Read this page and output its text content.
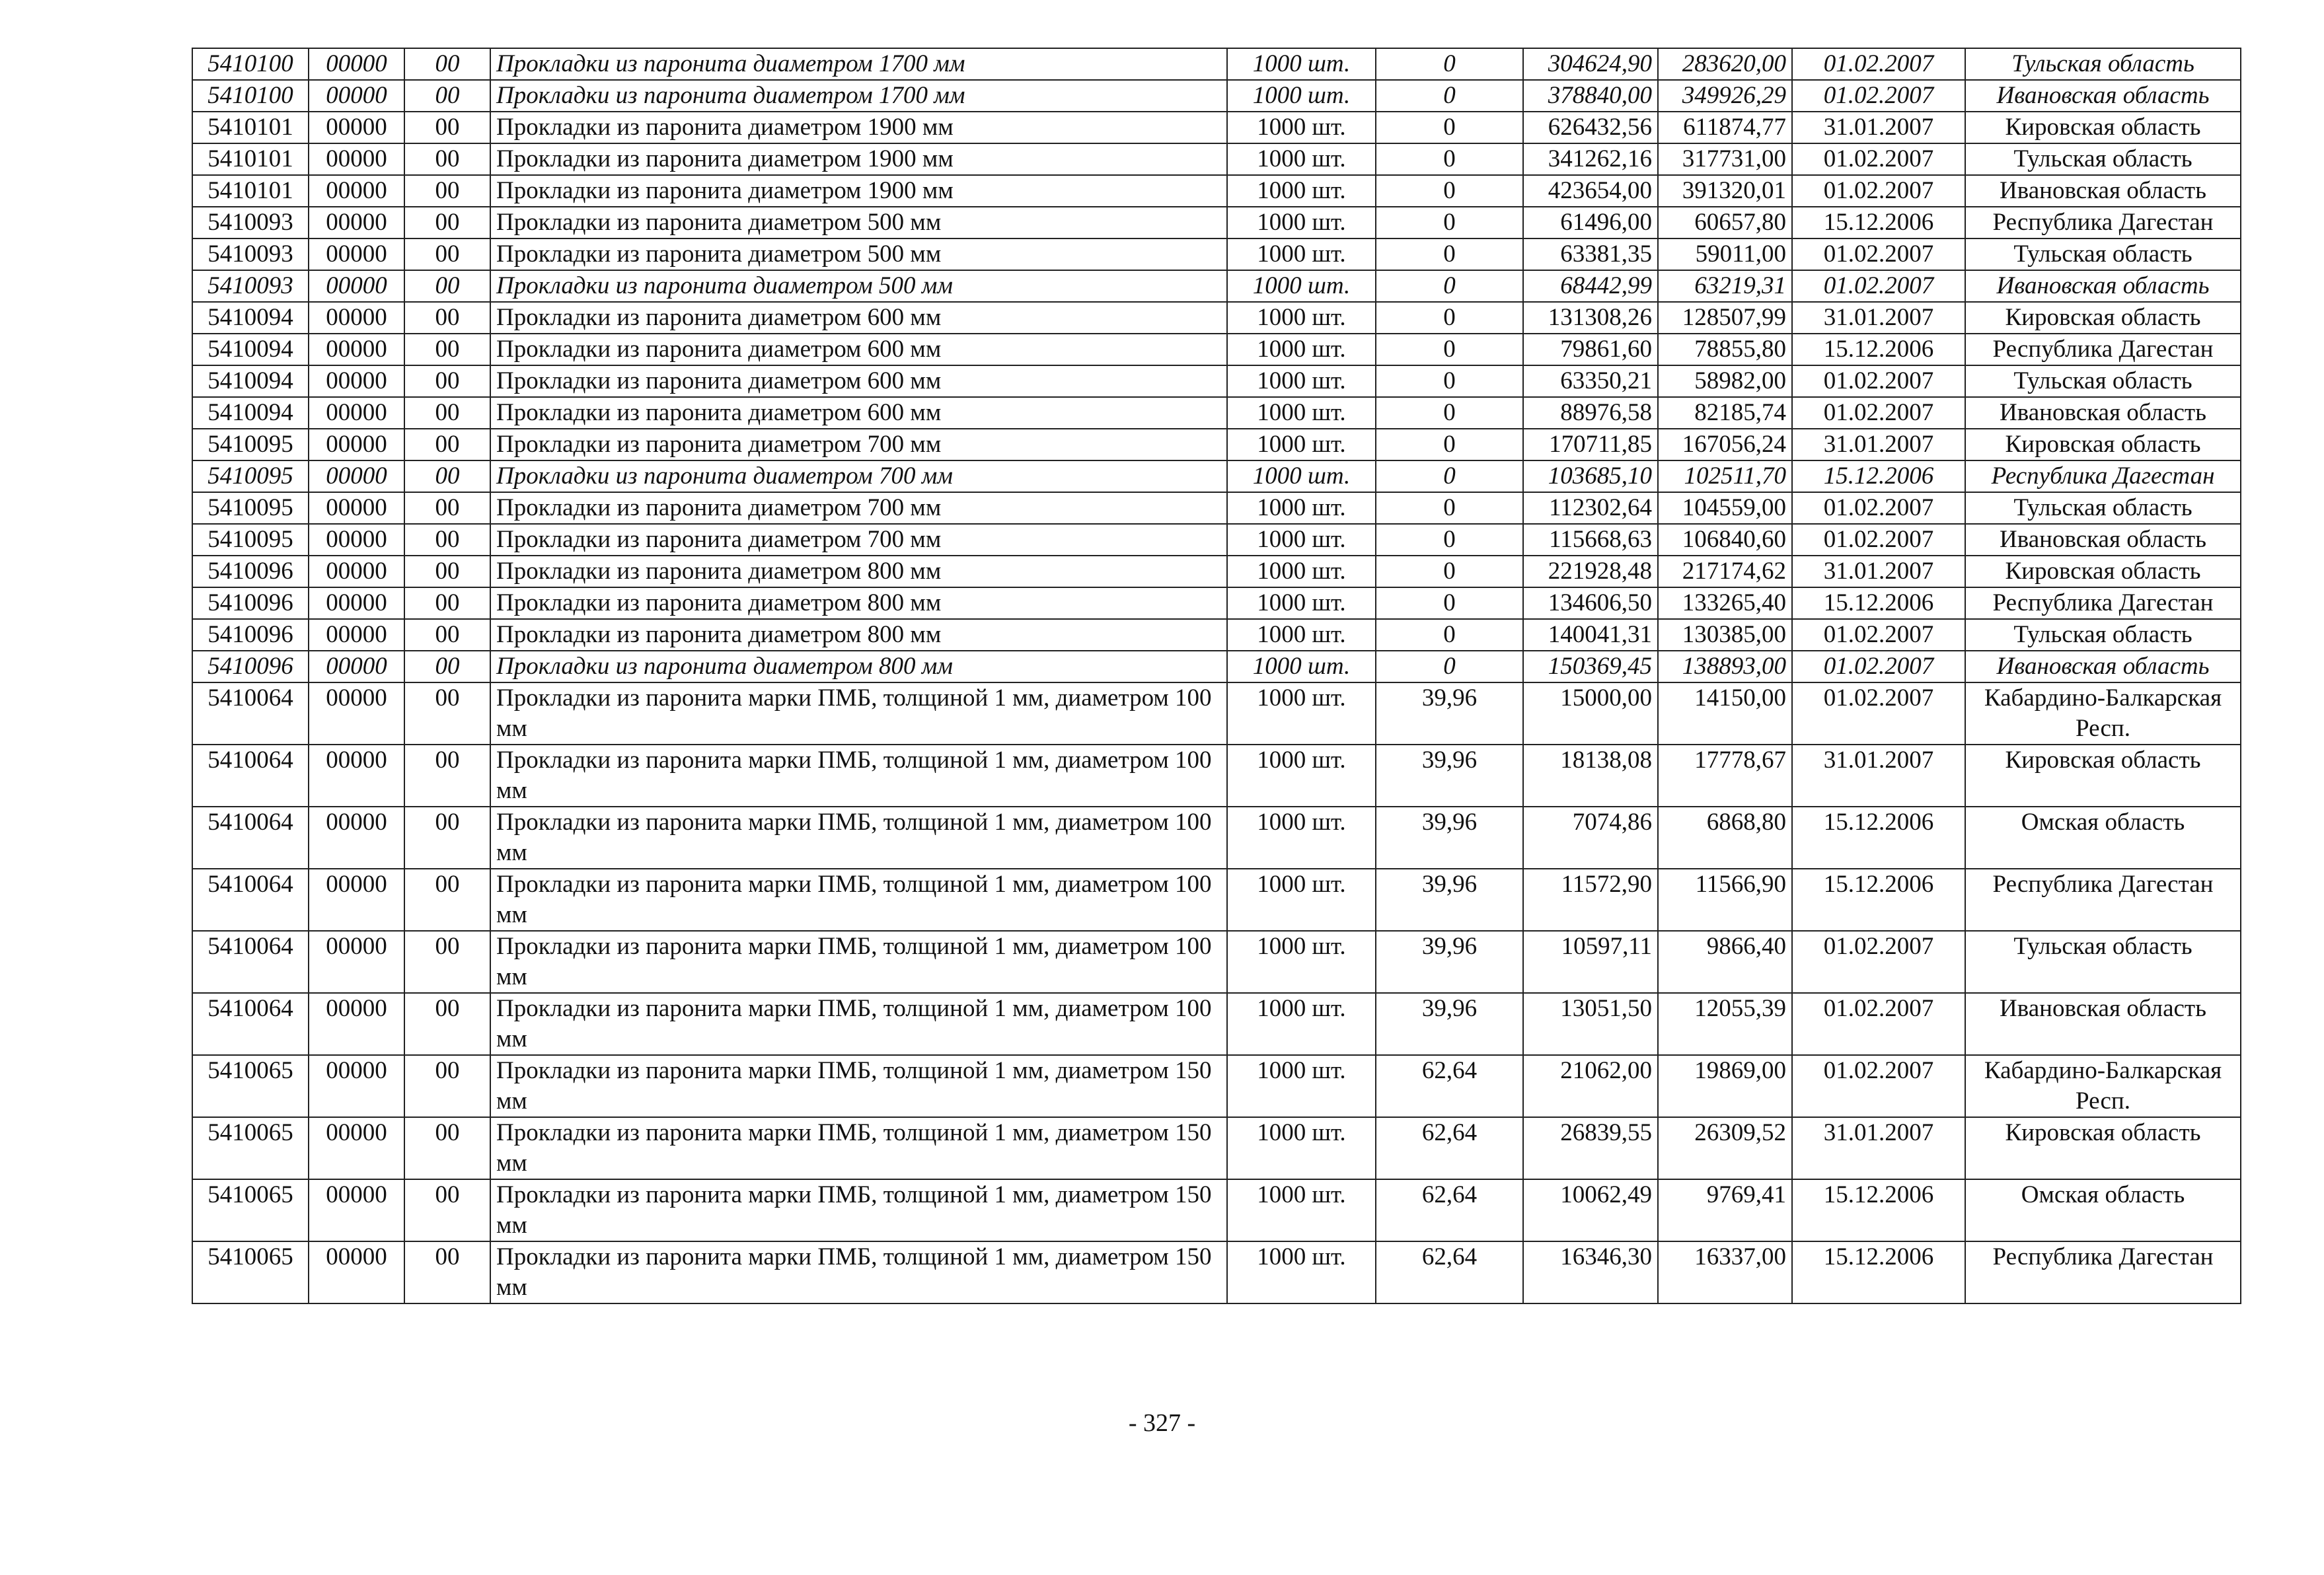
5410100	00000	00	Прокладки из паронита диаметром 1700 мм	1000 шт.	0	304624,90	283620,00	01.02.2007	Тульская область
5410100	00000	00	Прокладки из паронита диаметром 1700 мм	1000 шт.	0	378840,00	349926,29	01.02.2007	Ивановская область
5410101	00000	00	Прокладки из паронита диаметром 1900 мм	1000 шт.	0	626432,56	611874,77	31.01.2007	Кировская область
5410101	00000	00	Прокладки из паронита диаметром 1900 мм	1000 шт.	0	341262,16	317731,00	01.02.2007	Тульская область
5410101	00000	00	Прокладки из паронита диаметром 1900 мм	1000 шт.	0	423654,00	391320,01	01.02.2007	Ивановская область
5410093	00000	00	Прокладки из паронита диаметром 500 мм	1000 шт.	0	61496,00	60657,80	15.12.2006	Республика Дагестан
5410093	00000	00	Прокладки из паронита диаметром 500 мм	1000 шт.	0	63381,35	59011,00	01.02.2007	Тульская область
5410093	00000	00	Прокладки из паронита диаметром 500 мм	1000 шт.	0	68442,99	63219,31	01.02.2007	Ивановская область
5410094	00000	00	Прокладки из паронита диаметром 600 мм	1000 шт.	0	131308,26	128507,99	31.01.2007	Кировская область
5410094	00000	00	Прокладки из паронита диаметром 600 мм	1000 шт.	0	79861,60	78855,80	15.12.2006	Республика Дагестан
5410094	00000	00	Прокладки из паронита диаметром 600 мм	1000 шт.	0	63350,21	58982,00	01.02.2007	Тульская область
5410094	00000	00	Прокладки из паронита диаметром 600 мм	1000 шт.	0	88976,58	82185,74	01.02.2007	Ивановская область
5410095	00000	00	Прокладки из паронита диаметром 700 мм	1000 шт.	0	170711,85	167056,24	31.01.2007	Кировская область
5410095	00000	00	Прокладки из паронита диаметром 700 мм	1000 шт.	0	103685,10	102511,70	15.12.2006	Республика Дагестан
5410095	00000	00	Прокладки из паронита диаметром 700 мм	1000 шт.	0	112302,64	104559,00	01.02.2007	Тульская область
5410095	00000	00	Прокладки из паронита диаметром 700 мм	1000 шт.	0	115668,63	106840,60	01.02.2007	Ивановская область
5410096	00000	00	Прокладки из паронита диаметром 800 мм	1000 шт.	0	221928,48	217174,62	31.01.2007	Кировская область
5410096	00000	00	Прокладки из паронита диаметром 800 мм	1000 шт.	0	134606,50	133265,40	15.12.2006	Республика Дагестан
5410096	00000	00	Прокладки из паронита диаметром 800 мм	1000 шт.	0	140041,31	130385,00	01.02.2007	Тульская область
5410096	00000	00	Прокладки из паронита диаметром 800 мм	1000 шт.	0	150369,45	138893,00	01.02.2007	Ивановская область
5410064	00000	00	Прокладки из паронита марки ПМБ, толщиной 1 мм, диаметром 100 мм	1000 шт.	39,96	15000,00	14150,00	01.02.2007	Кабардино-Балкарская Респ.
5410064	00000	00	Прокладки из паронита марки ПМБ, толщиной 1 мм, диаметром 100 мм	1000 шт.	39,96	18138,08	17778,67	31.01.2007	Кировская область
5410064	00000	00	Прокладки из паронита марки ПМБ, толщиной 1 мм, диаметром 100 мм	1000 шт.	39,96	7074,86	6868,80	15.12.2006	Омская область
5410064	00000	00	Прокладки из паронита марки ПМБ, толщиной 1 мм, диаметром 100 мм	1000 шт.	39,96	11572,90	11566,90	15.12.2006	Республика Дагестан
5410064	00000	00	Прокладки из паронита марки ПМБ, толщиной 1 мм, диаметром 100 мм	1000 шт.	39,96	10597,11	9866,40	01.02.2007	Тульская область
5410064	00000	00	Прокладки из паронита марки ПМБ, толщиной 1 мм, диаметром 100 мм	1000 шт.	39,96	13051,50	12055,39	01.02.2007	Ивановская область
5410065	00000	00	Прокладки из паронита марки ПМБ, толщиной 1 мм, диаметром 150 мм	1000 шт.	62,64	21062,00	19869,00	01.02.2007	Кабардино-Балкарская Респ.
5410065	00000	00	Прокладки из паронита марки ПМБ, толщиной 1 мм, диаметром 150 мм	1000 шт.	62,64	26839,55	26309,52	31.01.2007	Кировская область
5410065	00000	00	Прокладки из паронита марки ПМБ, толщиной 1 мм, диаметром 150 мм	1000 шт.	62,64	10062,49	9769,41	15.12.2006	Омская область
5410065	00000	00	Прокладки из паронита марки ПМБ, толщиной 1 мм, диаметром 150 мм	1000 шт.	62,64	16346,30	16337,00	15.12.2006	Республика Дагестан
- 327 -
